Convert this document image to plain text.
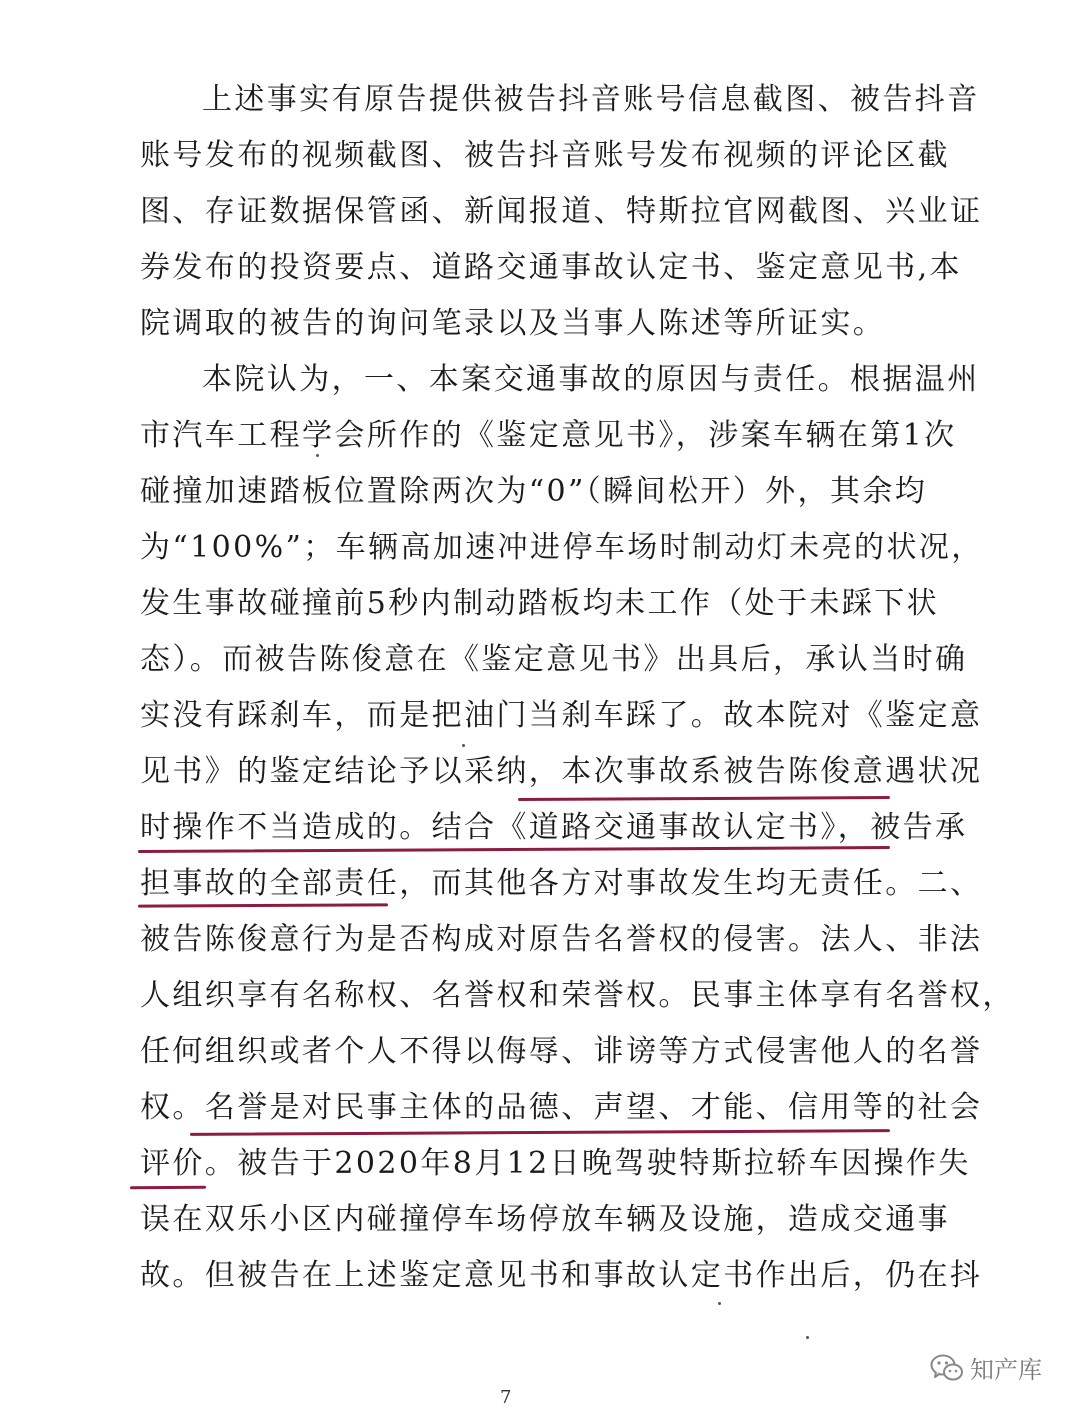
上述事实有原告提供被告抖音账号信息截图、被告抖音
账号发布的视频截图、被告抖音账号发布视频的评论区截
图、存证数据保管函、新闻报道、特斯拉官网截图、兴业证
券发布的投资要点、道路交通事故认定书、鉴定意见书,本
院调取的被告的询问笔录以及当事人陈述等所证实。
本院认为，一、本案交通事故的原因与责任。根据温州
市汽车工程学会所作的《鉴定意见书》，涉案车辆在第1次
碰撞加速踏板位置除两次为“0”（瞬间松开）外，其余均
为“100%”；车辆高加速冲进停车场时制动灯未亮的状况，
发生事故碰撞前5秒内制动踏板均未工作（处于未踩下状
态）。而被告陈俊意在《鉴定意见书》出具后，承认当时确
实没有踩刹车，而是把油门当刹车踩了。故本院对《鉴定意
见书》的鉴定结论予以采纳，本次事故系被告陈俊意遇状况
时操作不当造成的。结合《道路交通事故认定书》，被告承
担事故的全部责任，而其他各方对事故发生均无责任。二、
被告陈俊意行为是否构成对原告名誉权的侵害。法人、非法
人组织享有名称权、名誉权和荣誉权。民事主体享有名誉权，
任何组织或者个人不得以侮辱、诽谤等方式侵害他人的名誉
权。名誉是对民事主体的品德、声望、才能、信用等的社会
评价。被告于2020年8月12日晚驾驶特斯拉轿车因操作失
误在双乐小区内碰撞停车场停放车辆及设施，造成交通事
故。但被告在上述鉴定意见书和事故认定书作出后，仍在抖
7
知产库
